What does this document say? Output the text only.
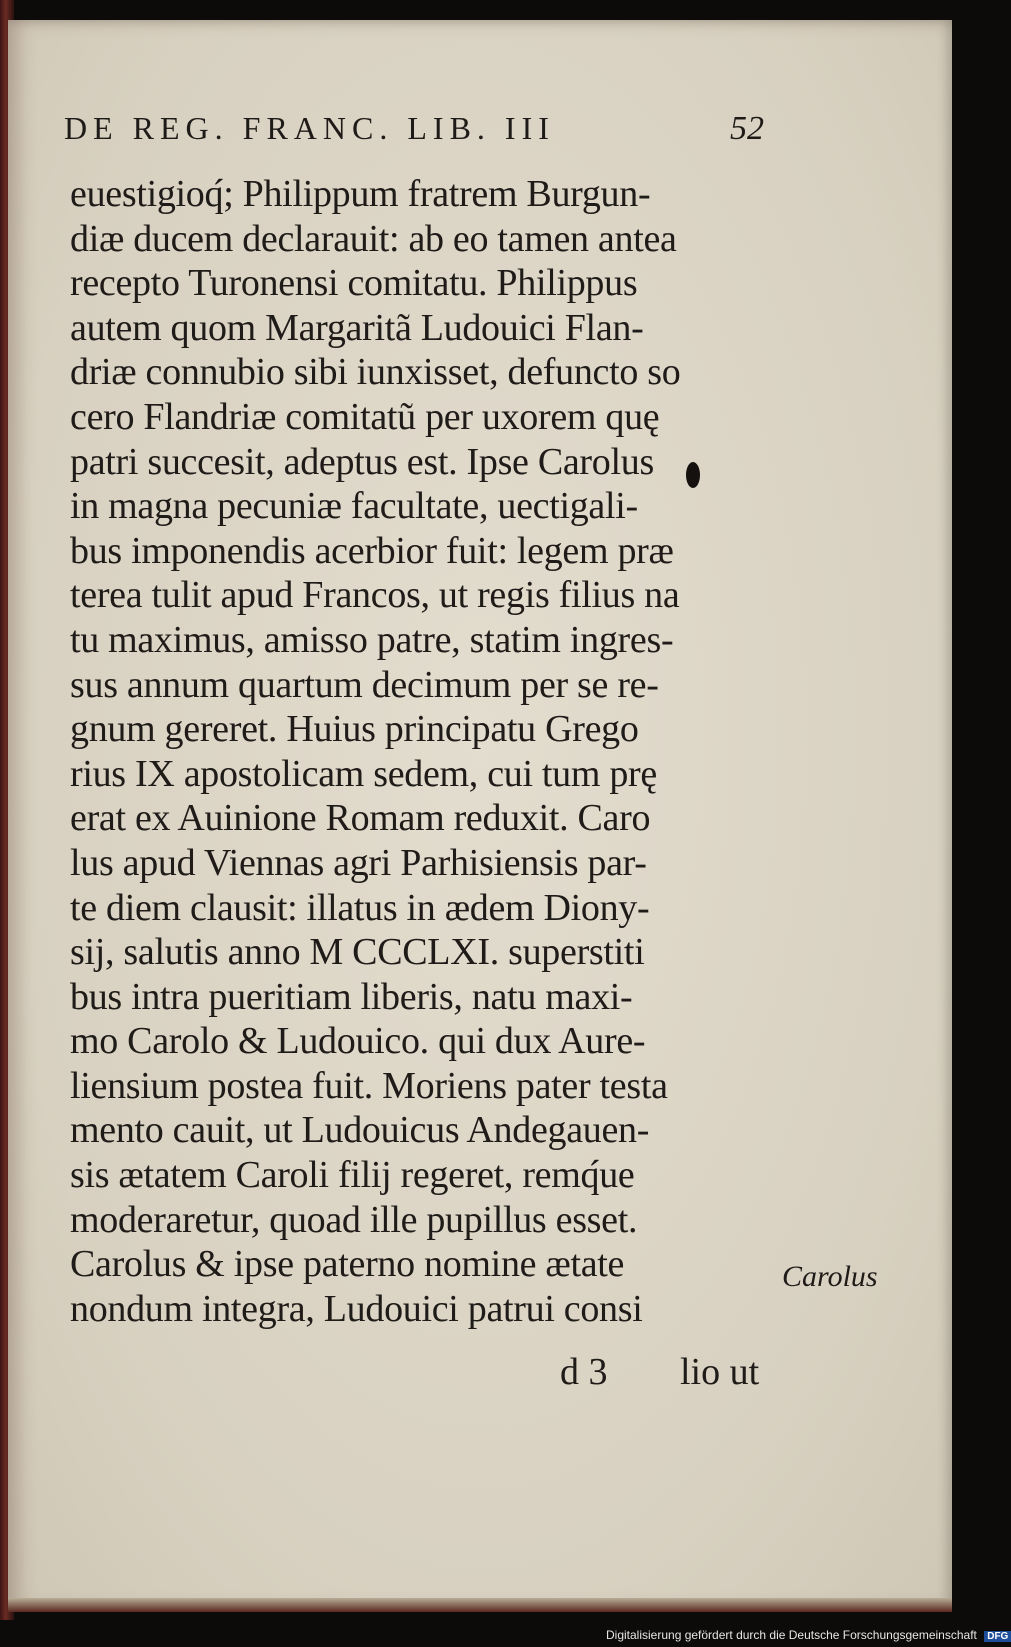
DE REG. FRANC. LIB. III	52
euestigioq́; Philippum fratrem Burgun-
diæ ducem declarauit: ab eo tamen antea
recepto Turonensi comitatu. Philippus
autem quom Margaritã Ludouici Flan-
driæ connubio sibi iunxisset, defuncto so
cero Flandriæ comitatũ per uxorem quę
patri succesit, adeptus est. Ipse Carolus
in magna pecuniæ facultate, uectigali-
bus imponendis acerbior fuit: legem præ
terea tulit apud Francos, ut regis filius na
tu maximus, amisso patre, statim ingres-
sus annum quartum decimum per se re-
gnum gereret. Huius principatu Grego
rius IX apostolicam sedem, cui tum prę
erat ex Auinione Romam reduxit. Caro
lus apud Viennas agri Parhisiensis par-
te diem clausit: illatus in ædem Diony-
sij, salutis anno M CCCLXI. superstiti
bus intra pueritiam liberis, natu maxi-
mo Carolo & Ludouico. qui dux Aure-
liensium postea fuit. Moriens pater testa
mento cauit, ut Ludouicus Andegauen-
sis ætatem Caroli filij regeret, remq́ue
moderaretur, quoad ille pupillus esset.
Carolus & ipse paterno nomine ætate
nondum integra, Ludouici patrui consi
Carolus
d 3 lio ut
Digitalisierung gefördert durch die Deutsche Forschungsgemeinschaft DFG
